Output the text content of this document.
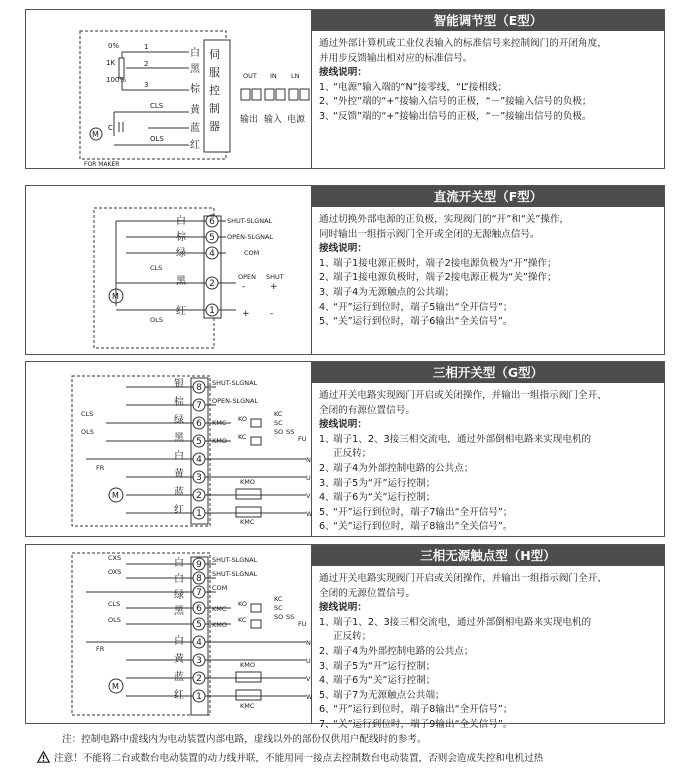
0%
1K
100%
1
2
3
白
黑
棕
黄
蓝
红
CLS
OLS
C
M
FOR MAKER
伺
服
控
制
器
OUT IN LN
输出 输入 电源
智能调节型（E型）

通过外部计算机或工业仪表输入的标准信号来控制阀门的开闭角度，

并用步反馈输出相对应的标准信号。

接线说明：

1、
“电源”输入端的“N”接零线，“L”接相线；
2、
“外控”端的“+”接输入信号的正极，“－”接输入信号的负极；
3、
“反馈”端的“+”接输出信号的正极，“－”接输出信号的负极。
白
棕
绿
黑
红
M
6
5
4
2
1
SHUT-SLGNAL
OPEN-SLGNAL
COM
OPEN SHUT
CLS
OLS
-	+
+ -
直流开关型（F型）

通过切换外部电源的正负极，实现阀门的“开”和“关”操作，

同时输出一组指示阀门全开或全闭的无源触点信号。

接线说明：

1、
端子1接电源正极时，端子2接电源负极为“开”操作；
2、
端子1接电源负极时，端子2接电源正极为“关”操作；
3、
端子4为无源触点的公共端；
4、
“开”运行到位时，端子5输出“全开信号”；
5、
“关”运行到位时，端子6输出“全关信号”。
银
棕
绿
黑
白
黄
蓝
红
M
8
7
6
5
4
3
2
1
SHUT-SLGNAL
OPEN-SLGNAL
CLS
OLS
FR
KMC
KMO
KO
KC
KC
SC
SO SS
FU
KMO
KMC
N
U
V
W
三相开关型（G型）

通过开关电路实现阀门开启或关闭操作，并输出一组指示阀门全开、

全闭的有源位置信号。

接线说明：

1、
端子1、2、3接三相交流电，通过外部倒相电路来实现电机的
正反转；
2、
端子4为外部控制电路的公共点；
3、
端子5为“开”运行控制；
4、
端子6为“关”运行控制；
5、
“开”运行到位时，端子7输出“全开信号”；
6、
“关”运行到位时，端子8输出“全关信号”。
白
白
绿
黑
白
黄
蓝
红
M
9
8
7
6
5
4
3
2
1
SHUT-SLGNAL
SHUT-SLGNAL
COM
CXS
OXS
CLS
OLS
FR
KMC
KMO
KO
KC
KC
SC
SO SS
FU
KMO
KMC
N
U
V
W
三相无源触点型（H型）

通过开关电路实现阀门开启或关闭操作，并输出一组指示阀门全开、

全闭的无源位置信号。

接线说明：

1、
端子1、2、3接三相交流电，通过外部倒相电路来实现电机的
正反转；
2、
端子4为外部控制电路的公共点；
3、
端子5为“开”运行控制；
4、
端子6为“关”运行控制；
5、
端子7为无源触点公共端；
6、
“开”运行到位时，端子8输出“全开信号”；
7、
“关”运行到位时，端子9输出“全关信号”。
注：控制电路中虚线内为电动装置内部电路，虚线以外的部份仅供用户配线时的参考。
注意！不能将二台或数台电动装置的动力线并联，不能用同一接点去控制数台电动装置，否则会造成失控和电机过热
